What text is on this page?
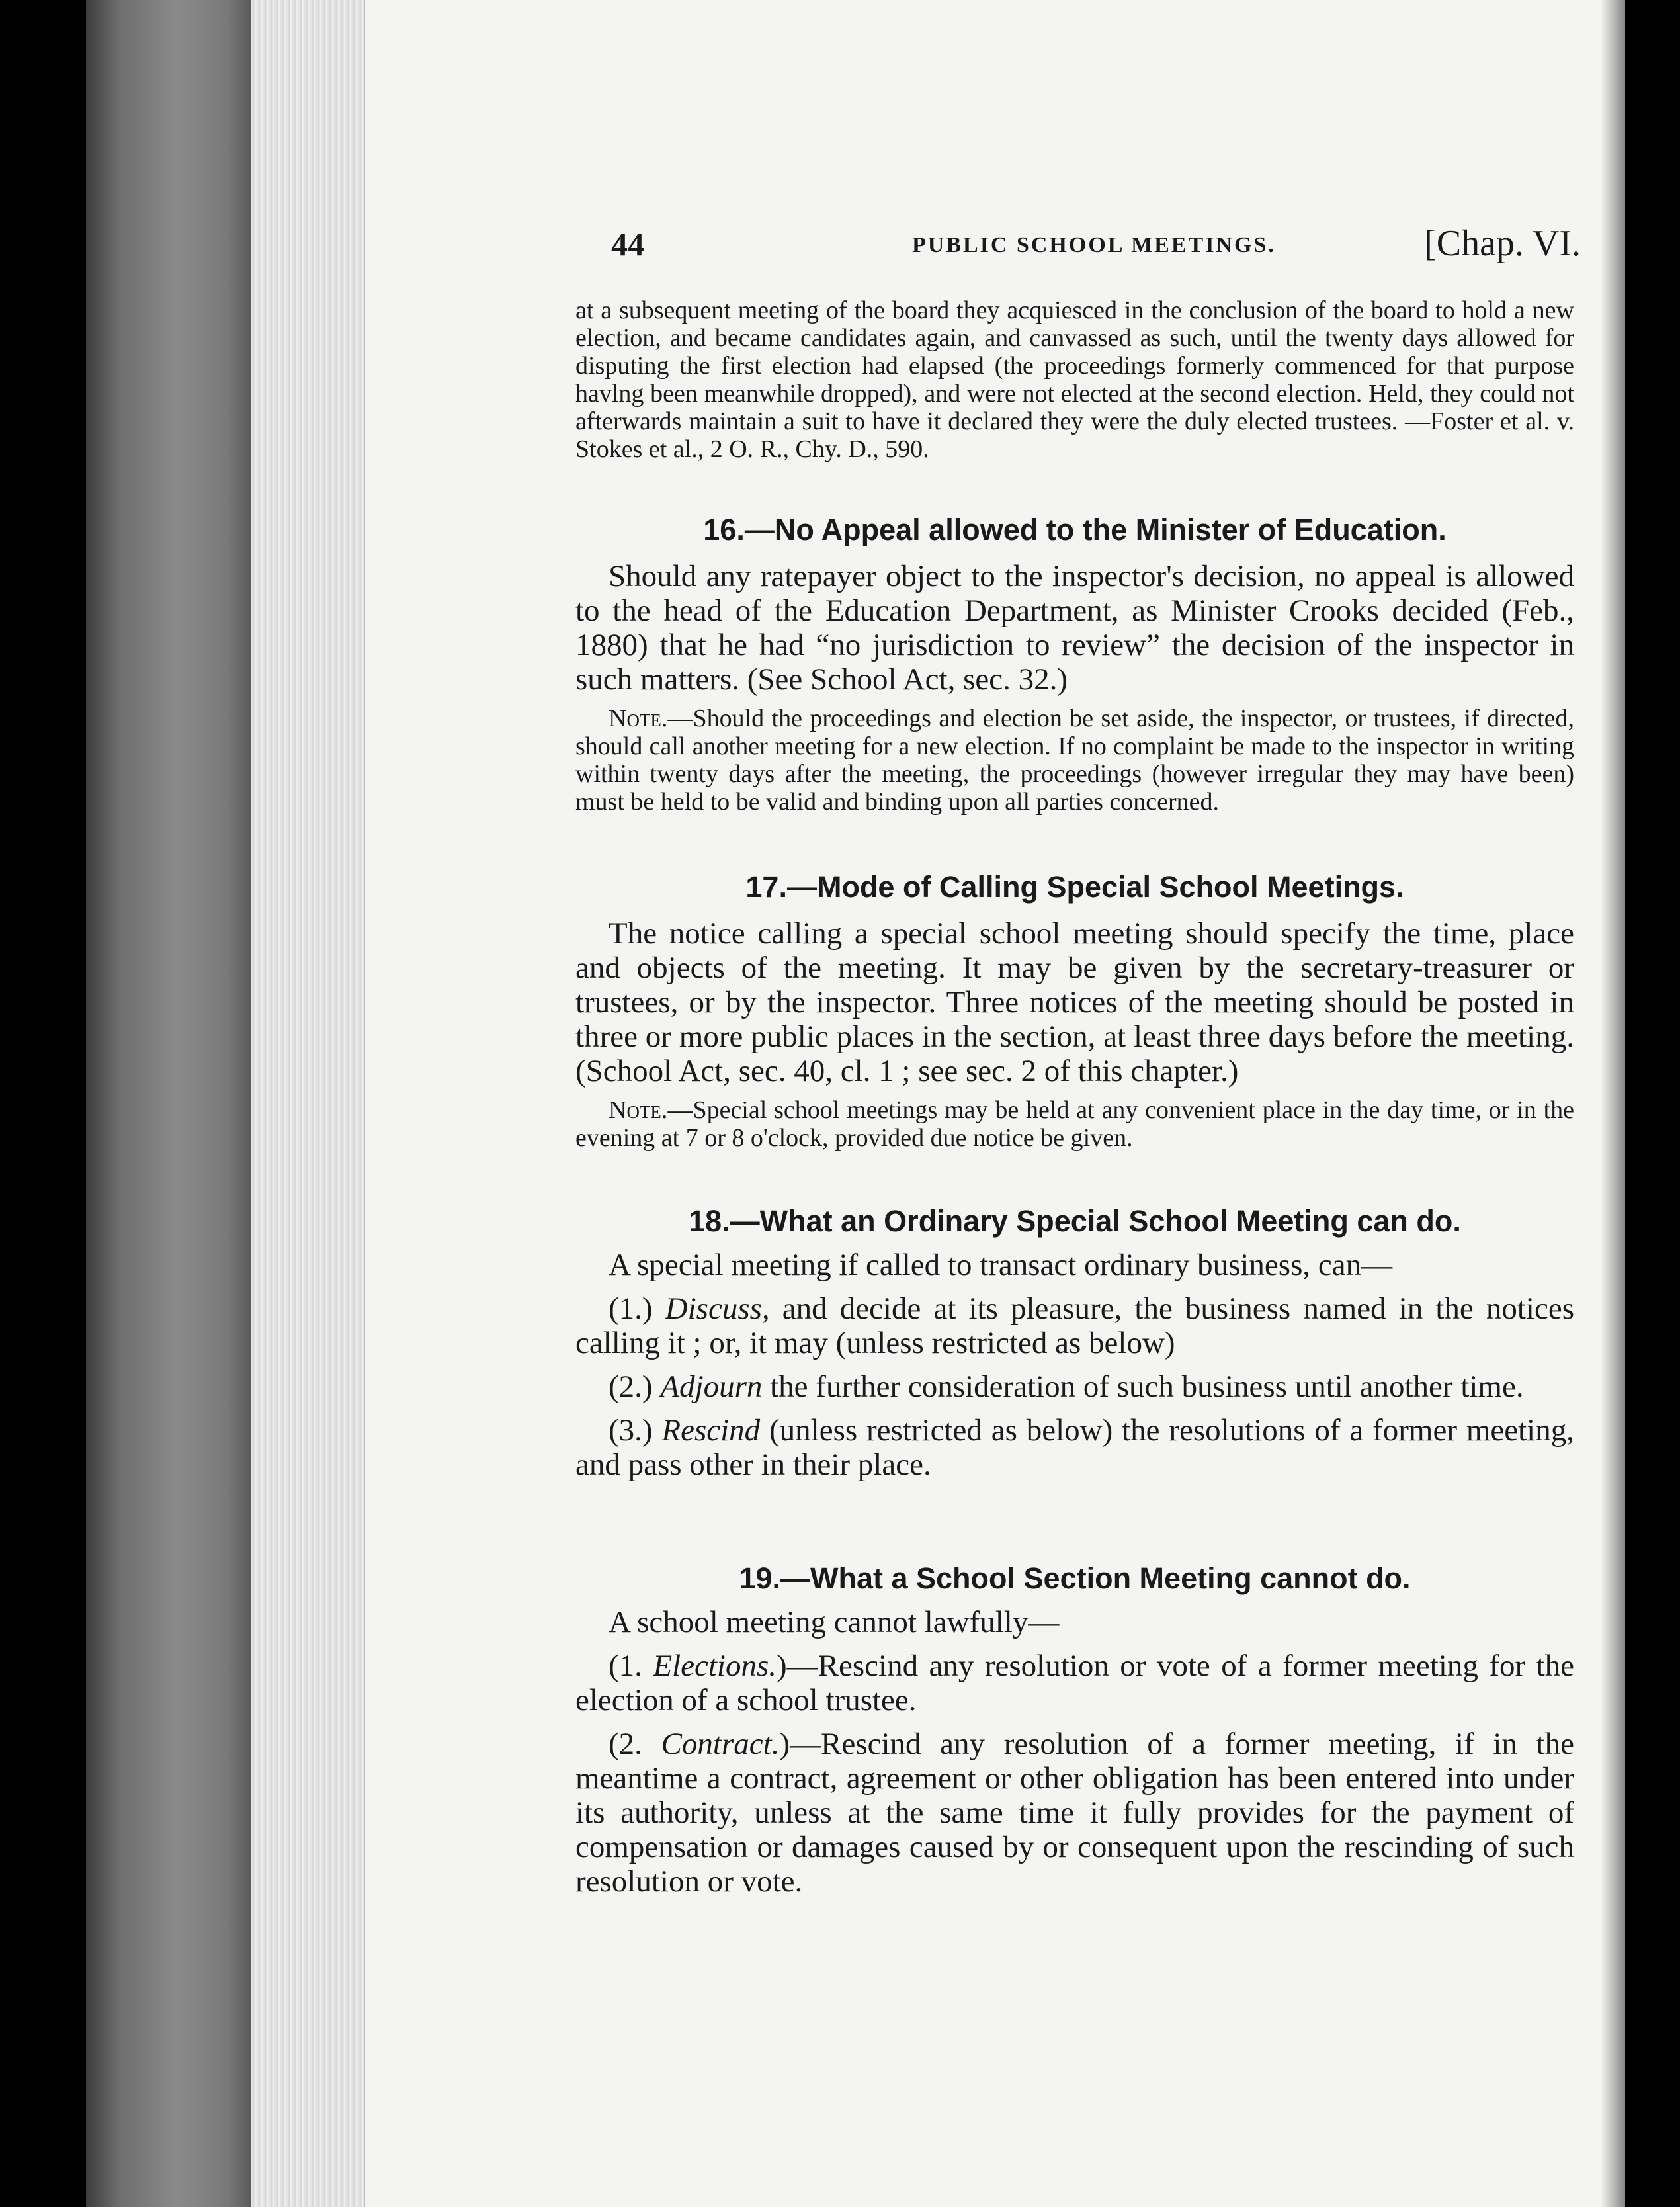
44	PUBLIC SCHOOL MEETINGS.	[Chap. VI.

at a subsequent meeting of the board they acquiesced in the conclusion of the board to hold a new election, and became candidates again, and canvassed as such, until the twenty days allowed for disputing the first election had elapsed (the proceedings formerly commenced for that purpose havlng been meanwhile dropped), and were not elected at the second election. Held, they could not afterwards maintain a suit to have it declared they were the duly elected trustees. —Foster et al. v. Stokes et al., 2 O. R., Chy. D., 590.

16.—No Appeal allowed to the Minister of Education.

Should any ratepayer object to the inspector's decision, no appeal is allowed to the head of the Education Department, as Minister Crooks decided (Feb., 1880) that he had “no jurisdiction to review” the decision of the inspector in such matters. (See School Act, sec. 32.)

Note.—Should the proceedings and election be set aside, the inspector, or trustees, if directed, should call another meeting for a new election. If no complaint be made to the inspector in writing within twenty days after the meeting, the proceedings (however irregular they may have been) must be held to be valid and binding upon all parties concerned.

17.—Mode of Calling Special School Meetings.

The notice calling a special school meeting should specify the time, place and objects of the meeting. It may be given by the secretary-treasurer or trustees, or by the inspector. Three notices of the meeting should be posted in three or more public places in the section, at least three days before the meeting. (School Act, sec. 40, cl. 1 ; see sec. 2 of this chapter.)

Note.—Special school meetings may be held at any convenient place in the day time, or in the evening at 7 or 8 o'clock, provided due notice be given.

18.—What an Ordinary Special School Meeting can do.

A special meeting if called to transact ordinary business, can—

(1.) Discuss, and decide at its pleasure, the business named in the notices calling it ; or, it may (unless restricted as below)

(2.) Adjourn the further consideration of such business until another time.

(3.) Rescind (unless restricted as below) the resolutions of a former meeting, and pass other in their place.

19.—What a School Section Meeting cannot do.

A school meeting cannot lawfully—

(1. Elections.)—Rescind any resolution or vote of a former meeting for the election of a school trustee.

(2. Contract.)—Rescind any resolution of a former meeting, if in the meantime a contract, agreement or other obligation has been entered into under its authority, unless at the same time it fully provides for the payment of compensation or damages caused by or consequent upon the rescinding of such resolution or vote.
